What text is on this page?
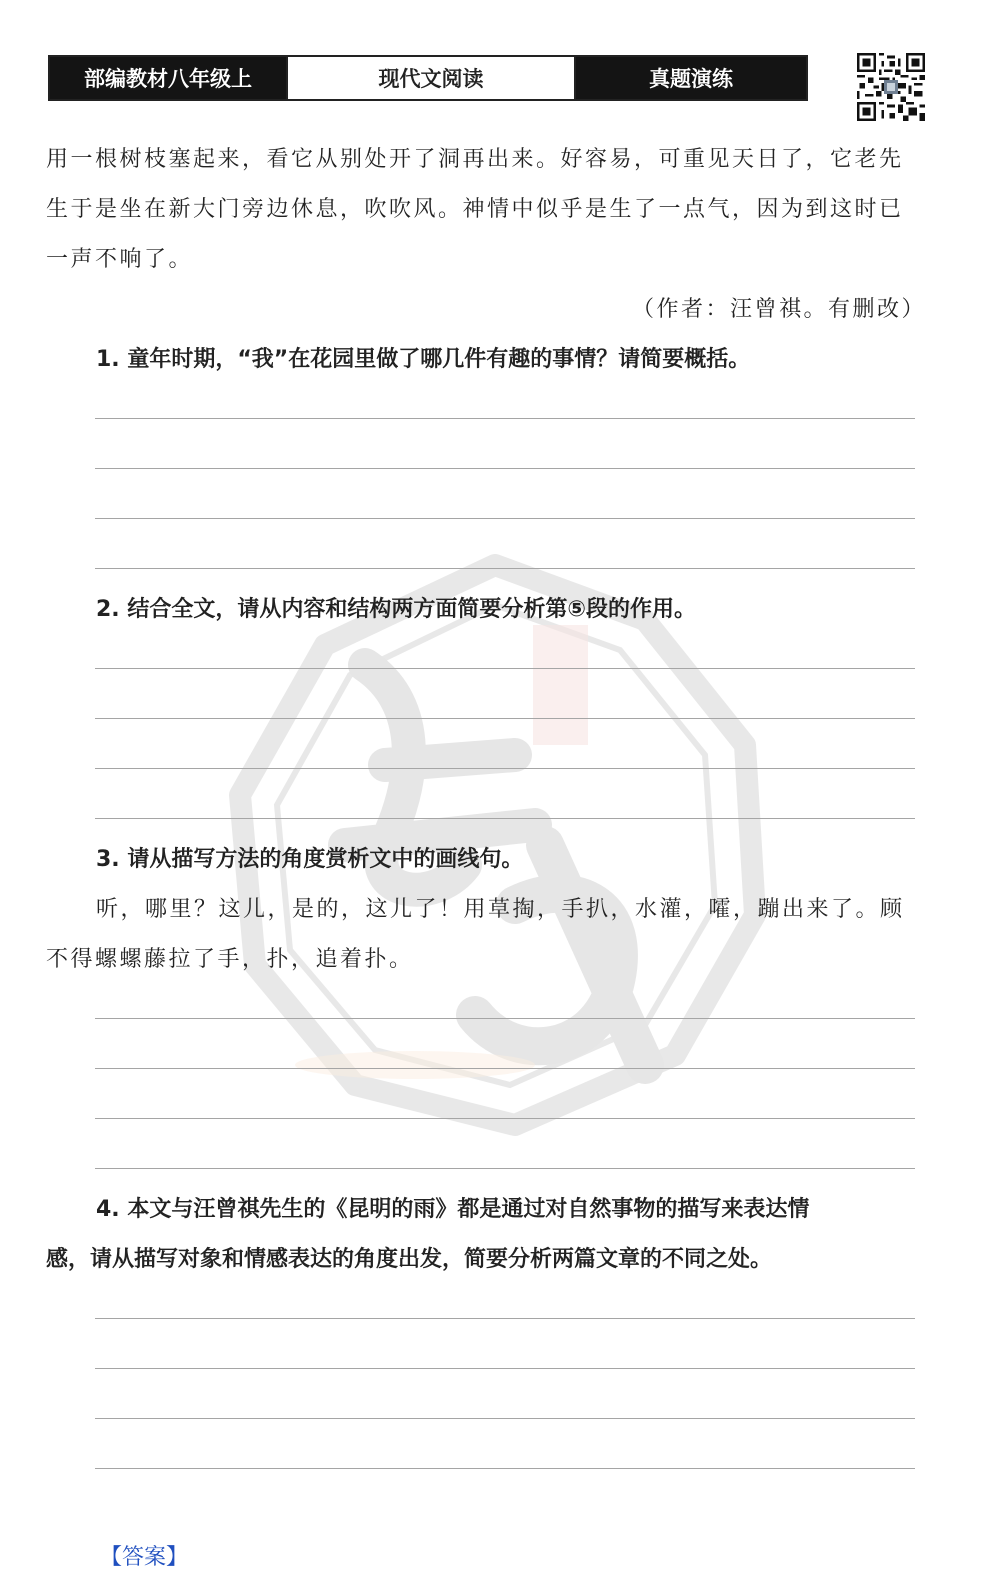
部编教材八年级上	现代文阅读	真题演练
用一根树枝塞起来，看它从别处开了洞再出来。好容易，可重见天日了，它老先
生于是坐在新大门旁边休息，吹吹风。神情中似乎是生了一点气，因为到这时已
一声不响了。
（作者：汪曾祺。有删改）
1. 童年时期，“我”在花园里做了哪几件有趣的事情？请简要概括。
2. 结合全文，请从内容和结构两方面简要分析第⑤段的作用。
3. 请从描写方法的角度赏析文中的画线句。
听，哪里？这儿，是的，这儿了！用草掏，手扒，水灌，嚯，蹦出来了。顾
不得螺螺藤拉了手，扑，追着扑。
4. 本文与汪曾祺先生的《昆明的雨》都是通过对自然事物的描写来表达情
感，请从描写对象和情感表达的角度出发，简要分析两篇文章的不同之处。
【答案】
